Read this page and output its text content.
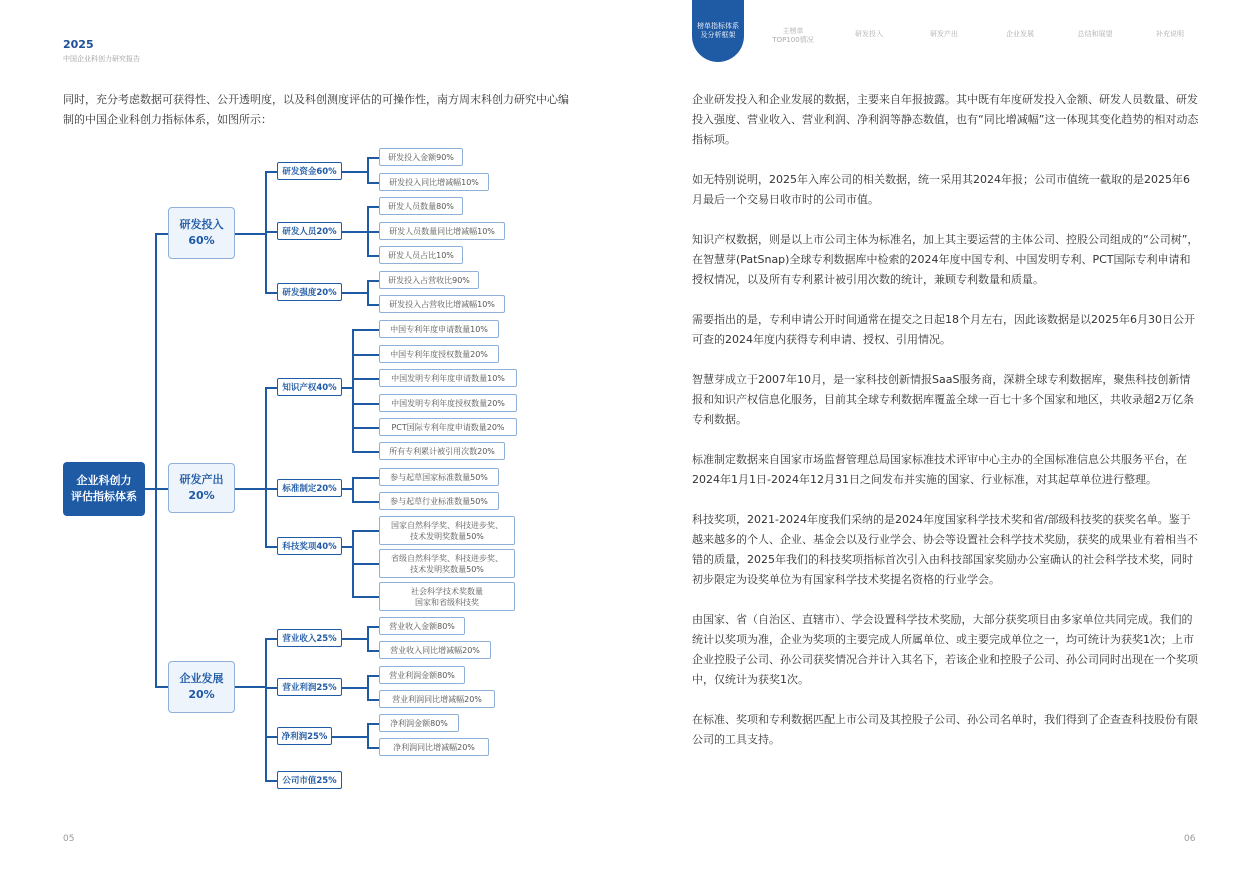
2025
中国企业科创力研究报告

同时，充分考虑数据可获得性、公开透明度，以及科创测度评估的可操作性，南方周末科创力研究中心编制的中国企业科创力指标体系，如图所示：

企业科创力
评估指标体系
研发投入
60%
研发产出
20%
企业发展
20%
研发资金60%
研发人员20%
研发强度20%
知识产权40%
标准制定20%
科技奖项40%
营业收入25%
营业利润25%
净利润25%
公司市值25%
研发投入金额90%
研发投入同比增减幅10%
研发人员数量80%
研发人员数量同比增减幅10%
研发人员占比10%
研发投入占营收比90%
研发投入占营收比增减幅10%
中国专利年度申请数量10%
中国专利年度授权数量20%
中国发明专利年度申请数量10%
中国发明专利年度授权数量20%
PCT国际专利年度申请数量20%
所有专利累计被引用次数20%
参与起草国家标准数量50%
参与起草行业标准数量50%
国家自然科学奖、科技进步奖、
技术发明奖数量50%
省级自然科学奖、科技进步奖、
技术发明奖数量50%
社会科学技术奖数量
国家和省级科技奖
营业收入金额80%
营业收入同比增减幅20%
营业利润金额80%
营业利润同比增减幅20%
净利润金额80%
净利润同比增减幅20%
05
榜单指标体系
及分析框架	主榜单
TOP100情况
研发投入	研发产出	企业发展	总结和展望	补充说明

企业研发投入和企业发展的数据，主要来自年报披露。其中既有年度研发投入金额、研发人员数量、研发投入强度、营业收入、营业利润、净利润等静态数值，也有“同比增减幅”这一体现其变化趋势的相对动态指标项。

如无特别说明，2025年入库公司的相关数据，统一采用其2024年报；公司市值统一截取的是2025年6月最后一个交易日收市时的公司市值。

知识产权数据，则是以上市公司主体为标准名，加上其主要运营的主体公司、控股公司组成的“公司树”，在智慧芽(PatSnap)全球专利数据库中检索的2024年度中国专利、中国发明专利、PCT国际专利申请和授权情况，以及所有专利累计被引用次数的统计，兼顾专利数量和质量。

需要指出的是，专利申请公开时间通常在提交之日起18个月左右，因此该数据是以2025年6月30日公开可查的2024年度内获得专利申请、授权、引用情况。

智慧芽成立于2007年10月，是一家科技创新情报SaaS服务商，深耕全球专利数据库，聚焦科技创新情报和知识产权信息化服务，目前其全球专利数据库覆盖全球一百七十多个国家和地区，共收录超2万亿条专利数据。

标准制定数据来自国家市场监督管理总局国家标准技术评审中心主办的全国标准信息公共服务平台，在2024年1月1日-2024年12月31日之间发布并实施的国家、行业标准，对其起草单位进行整理。

科技奖项，2021-2024年度我们采纳的是2024年度国家科学技术奖和省/部级科技奖的获奖名单。鉴于越来越多的个人、企业、基金会以及行业学会、协会等设置社会科学技术奖励，获奖的成果业有着相当不错的质量，2025年我们的科技奖项指标首次引入由科技部国家奖励办公室确认的社会科学技术奖，同时初步限定为设奖单位为有国家科学技术奖提名资格的行业学会。

由国家、省（自治区、直辖市）、学会设置科学技术奖励，大部分获奖项目由多家单位共同完成。我们的统计以奖项为准，企业为奖项的主要完成人所属单位、或主要完成单位之一，均可统计为获奖1次；上市企业控股子公司、孙公司获奖情况合并计入其名下，若该企业和控股子公司、孙公司同时出现在一个奖项中，仅统计为获奖1次。

在标准、奖项和专利数据匹配上市公司及其控股子公司、孙公司名单时，我们得到了企查查科技股份有限公司的工具支持。

06
